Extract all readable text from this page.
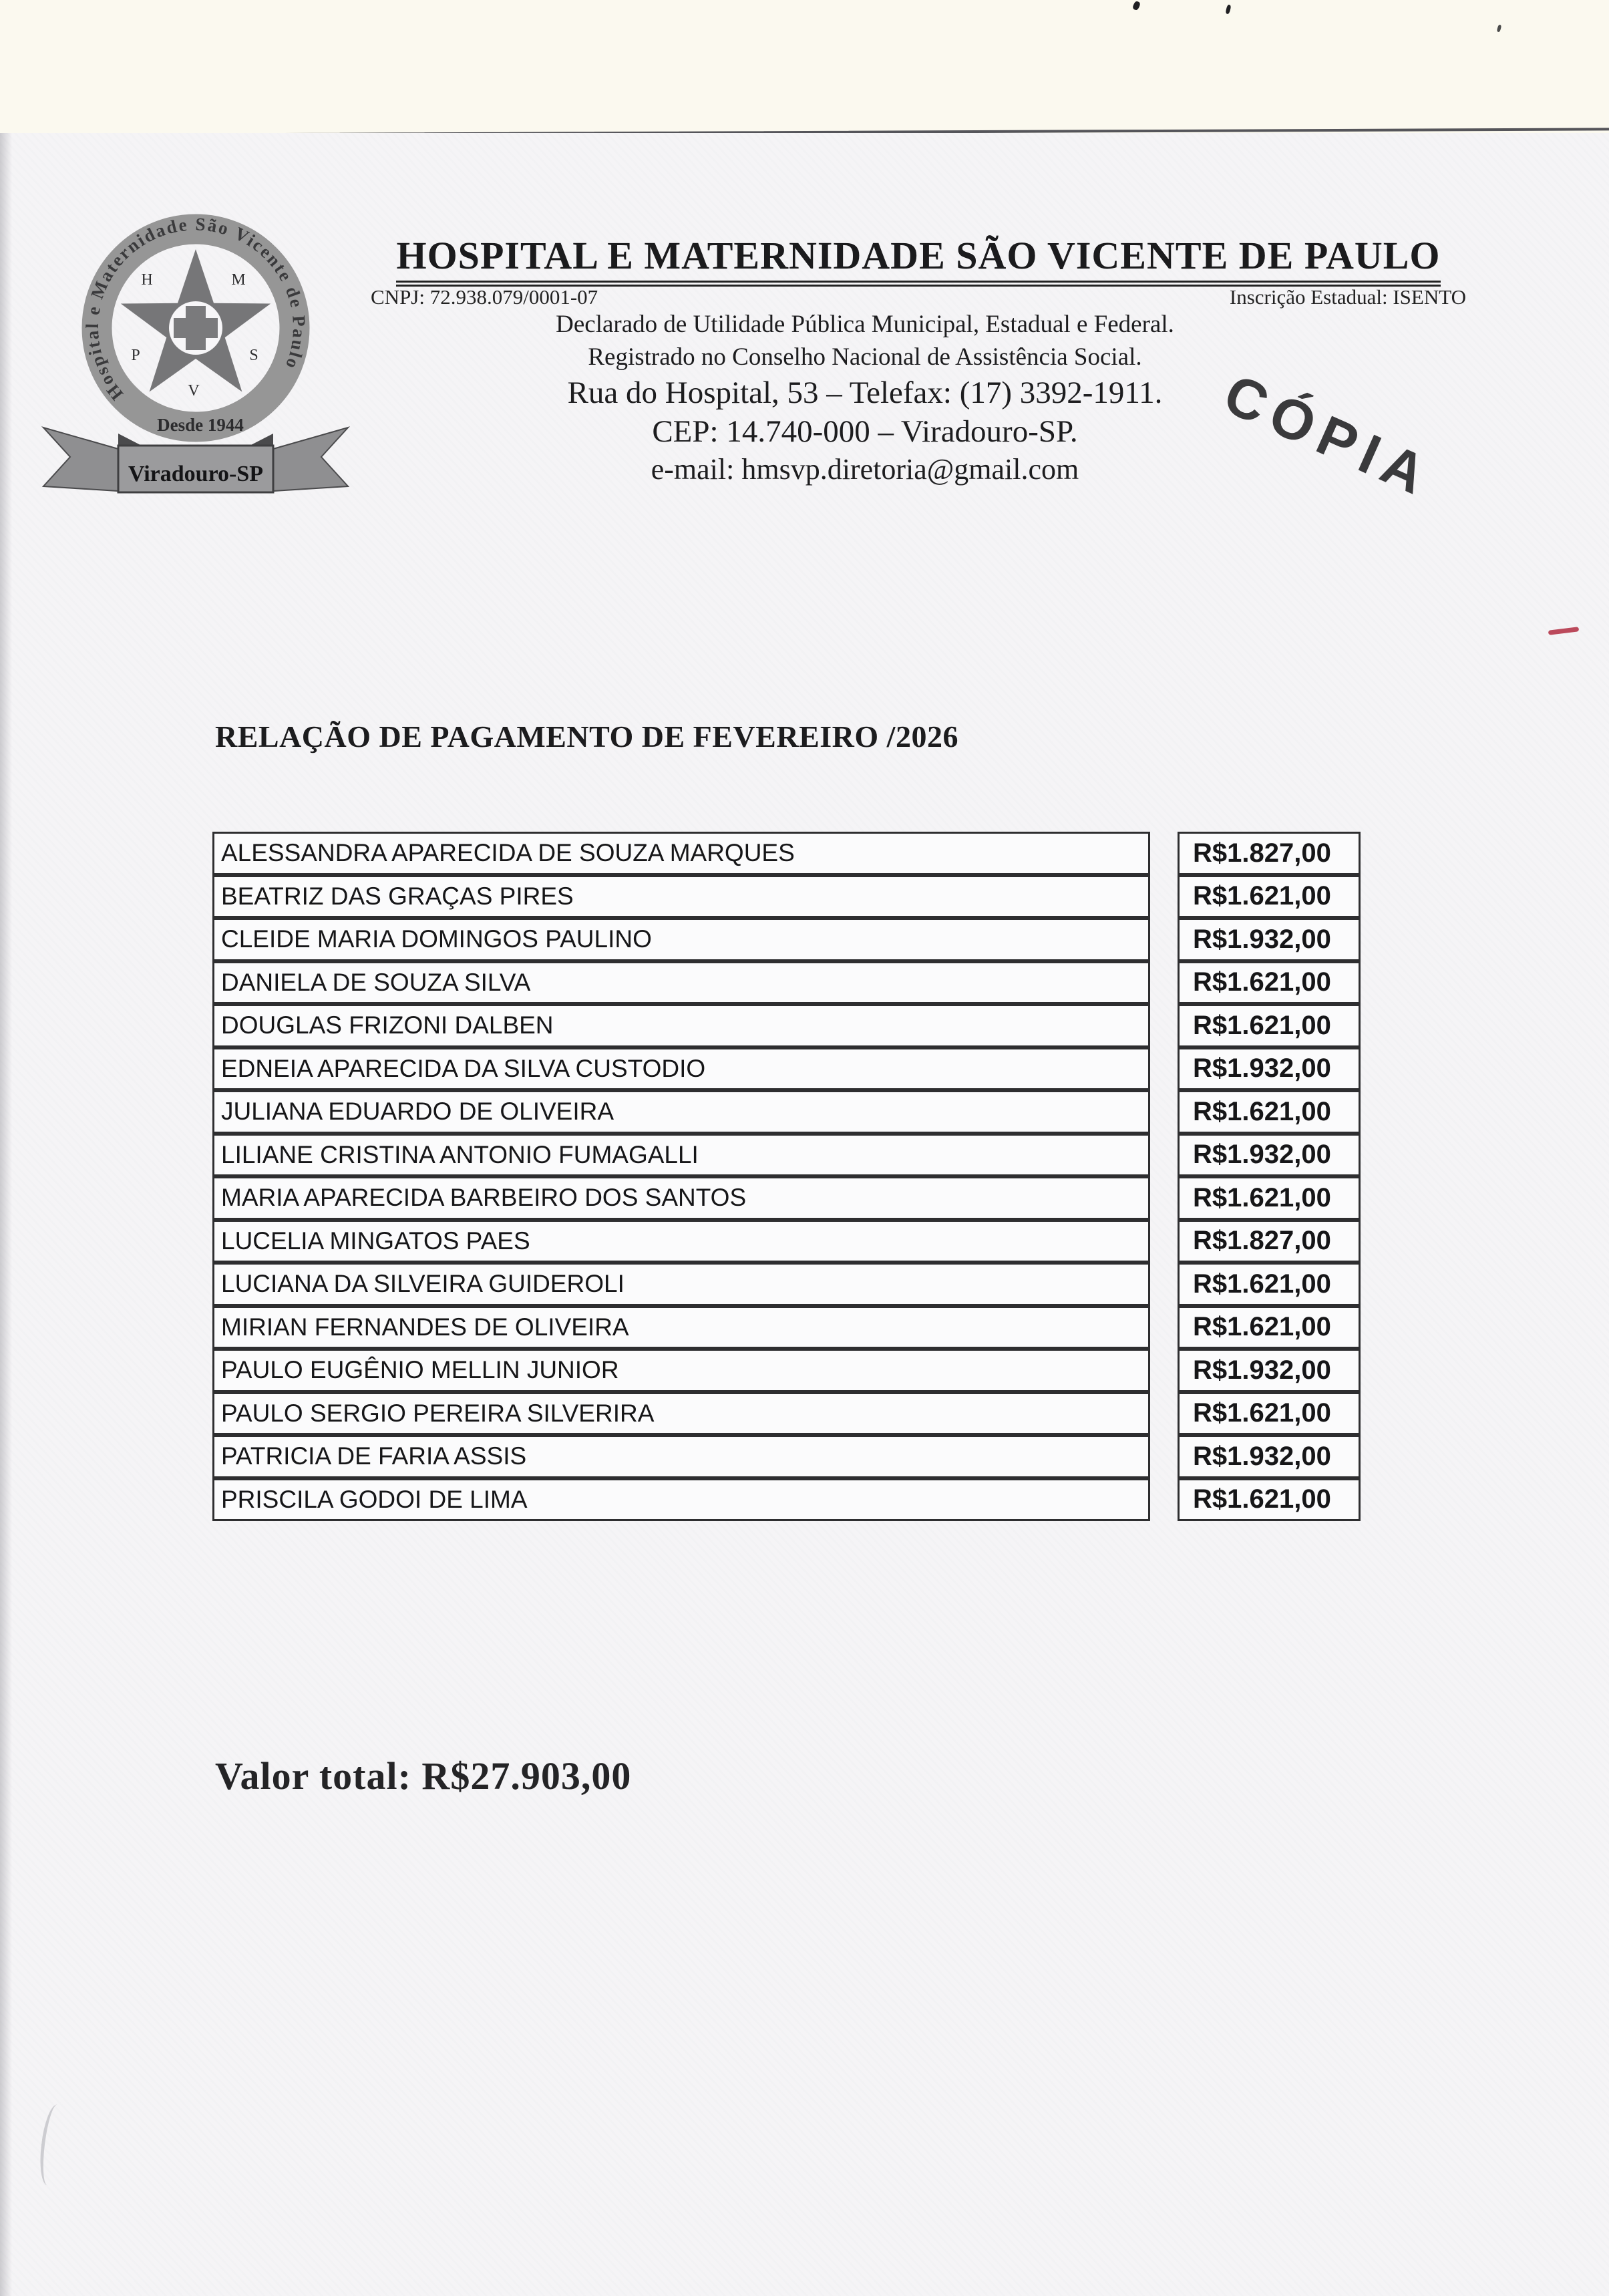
Hospital e Maternidade São Vicente de Paulo
H	M
P	S
V
Desde 1944
Viradouro-SP
HOSPITAL E MATERNIDADE SÃO VICENTE DE PAULO
CNPJ: 72.938.079/0001-07	Inscrição Estadual: ISENTO
Declarado de Utilidade Pública Municipal, Estadual e Federal.
Registrado no Conselho Nacional de Assistência Social.
Rua do Hospital, 53 – Telefax: (17) 3392-1911.
CEP: 14.740-000 – Viradouro-SP.
e-mail: hmsvp.diretoria@gmail.com	CÓPIA
RELAÇÃO DE PAGAMENTO DE FEVEREIRO /2026
ALESSANDRA APARECIDA DE SOUZA MARQUES	R$1.827,00
BEATRIZ DAS GRAÇAS PIRES	R$1.621,00
CLEIDE MARIA DOMINGOS PAULINO	R$1.932,00
DANIELA DE SOUZA SILVA	R$1.621,00
DOUGLAS FRIZONI DALBEN	R$1.621,00
EDNEIA APARECIDA DA SILVA CUSTODIO	R$1.932,00
JULIANA EDUARDO DE OLIVEIRA	R$1.621,00
LILIANE CRISTINA ANTONIO FUMAGALLI	R$1.932,00
MARIA APARECIDA BARBEIRO DOS SANTOS	R$1.621,00
LUCELIA MINGATOS PAES	R$1.827,00
LUCIANA DA SILVEIRA GUIDEROLI	R$1.621,00
MIRIAN FERNANDES DE OLIVEIRA	R$1.621,00
PAULO EUGÊNIO MELLIN JUNIOR	R$1.932,00
PAULO SERGIO PEREIRA SILVERIRA	R$1.621,00
PATRICIA DE FARIA ASSIS	R$1.932,00
PRISCILA GODOI DE LIMA	R$1.621,00
Valor total: R$27.903,00
